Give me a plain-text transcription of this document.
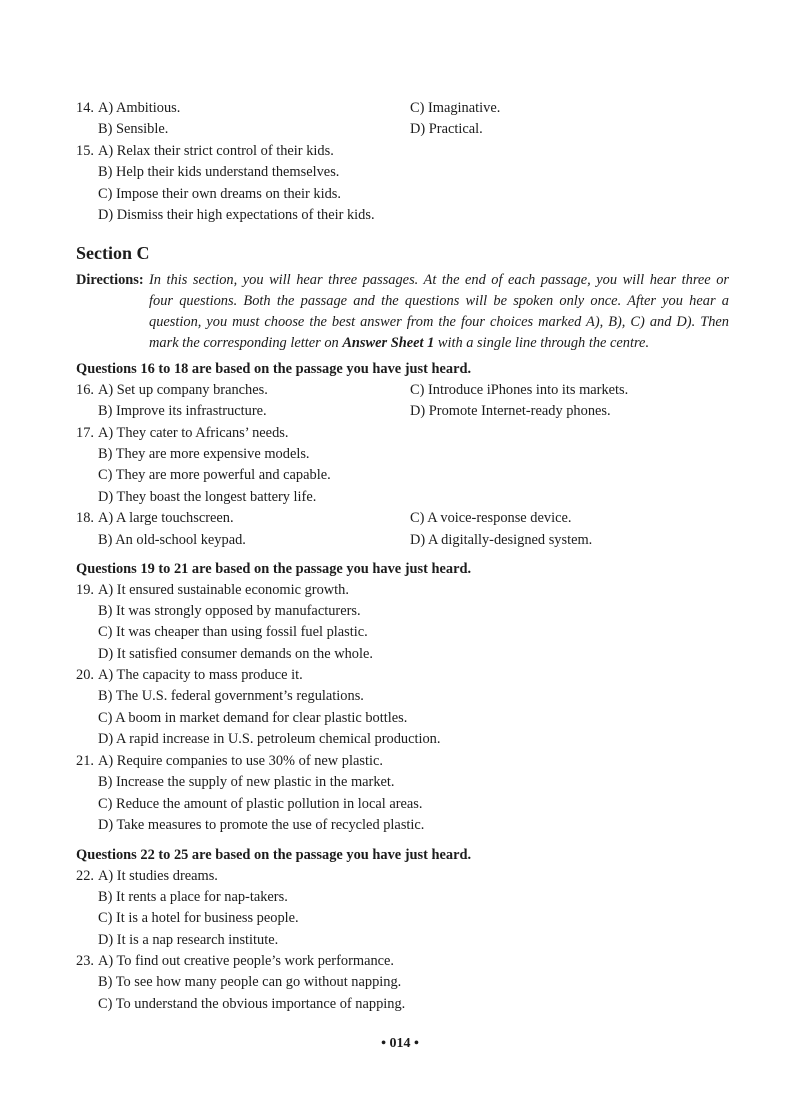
14. A) Ambitious.	C) Imaginative.
B) Sensible.	D) Practical.
15. A) Relax their strict control of their kids.
B) Help their kids understand themselves.
C) Impose their own dreams on their kids.
D) Dismiss their high expectations of their kids.
Section C
Directions: In this section, you will hear three passages. At the end of each passage, you will hear three or
four questions. Both the passage and the questions will be spoken only once. After you hear a
question, you must choose the best answer from the four choices marked A), B), C) and D). Then
mark the corresponding letter on Answer Sheet 1 with a single line through the centre.
Questions 16 to 18 are based on the passage you have just heard.
16. A) Set up company branches.	C) Introduce iPhones into its markets.
B) Improve its infrastructure.	D) Promote Internet-ready phones.
17. A) They cater to Africans’ needs.
B) They are more expensive models.
C) They are more powerful and capable.
D) They boast the longest battery life.
18. A) A large touchscreen.	C) A voice-response device.
B) An old-school keypad.	D) A digitally-designed system.
Questions 19 to 21 are based on the passage you have just heard.
19. A) It ensured sustainable economic growth.
B) It was strongly opposed by manufacturers.
C) It was cheaper than using fossil fuel plastic.
D) It satisfied consumer demands on the whole.
20. A) The capacity to mass produce it.
B) The U.S. federal government’s regulations.
C) A boom in market demand for clear plastic bottles.
D) A rapid increase in U.S. petroleum chemical production.
21. A) Require companies to use 30% of new plastic.
B) Increase the supply of new plastic in the market.
C) Reduce the amount of plastic pollution in local areas.
D) Take measures to promote the use of recycled plastic.
Questions 22 to 25 are based on the passage you have just heard.
22. A) It studies dreams.
B) It rents a place for nap-takers.
C) It is a hotel for business people.
D) It is a nap research institute.
23. A) To find out creative people’s work performance.
B) To see how many people can go without napping.
C) To understand the obvious importance of napping.
• 014 •
